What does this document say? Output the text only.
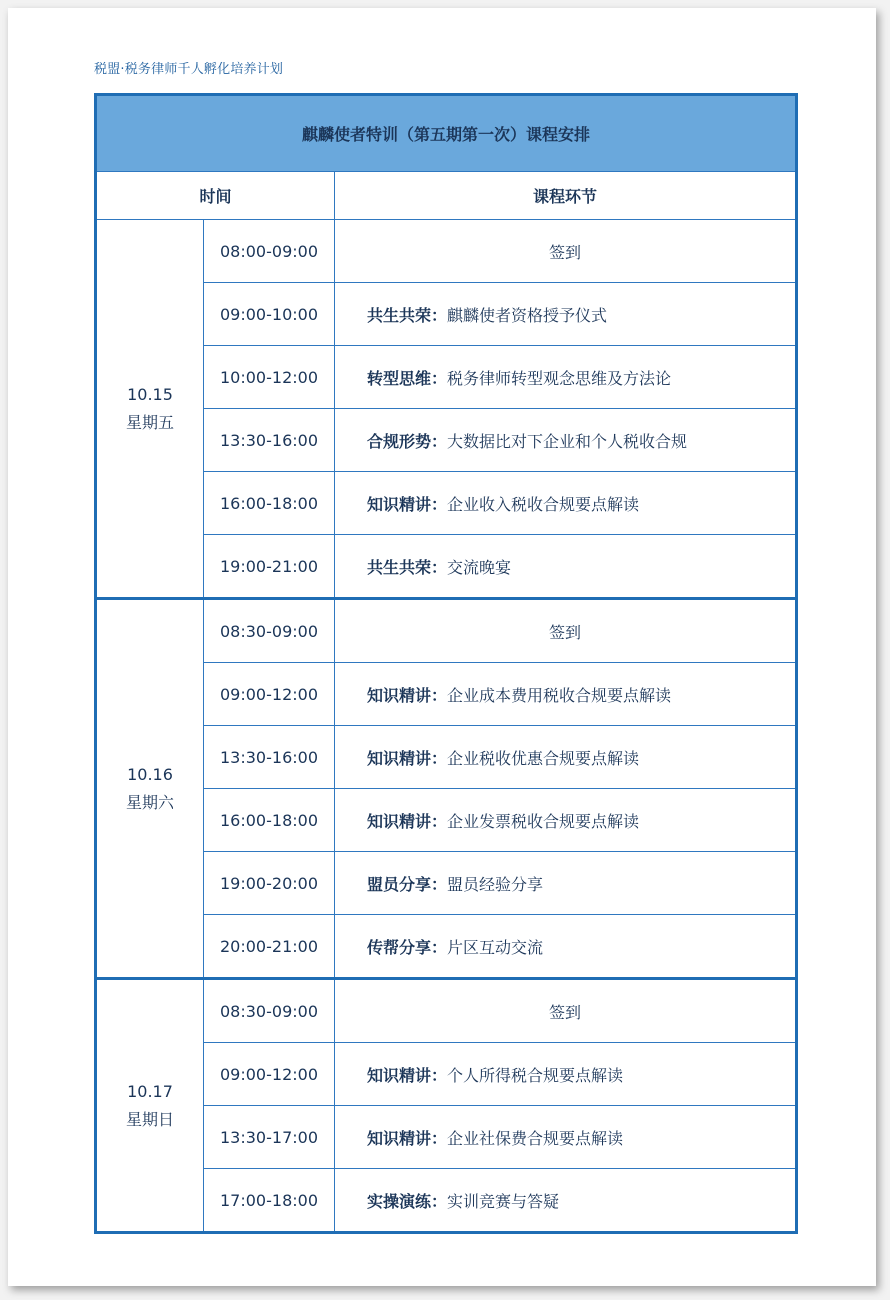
税盟·税务律师千人孵化培养计划
麒麟使者特训（第五期第一次）课程安排		
时间		课程环节

10.15
星期五	08:00-09:00	签到
	09:00-10:00	共生共荣：麒麟使者资格授予仪式
	10:00-12:00	转型思维：税务律师转型观念思维及方法论
	13:30-16:00	合规形势：大数据比对下企业和个人税收合规
	16:00-18:00	知识精讲：企业收入税收合规要点解读
	19:00-21:00	共生共荣：交流晚宴

10.16
星期六	08:30-09:00	签到
	09:00-12:00	知识精讲：企业成本费用税收合规要点解读
	13:30-16:00	知识精讲：企业税收优惠合规要点解读
	16:00-18:00	知识精讲：企业发票税收合规要点解读
	19:00-20:00	盟员分享：盟员经验分享
	20:00-21:00	传帮分享：片区互动交流

10.17
星期日	08:30-09:00	签到
	09:00-12:00	知识精讲：个人所得税合规要点解读
	13:30-17:00	知识精讲：企业社保费合规要点解读
	17:00-18:00	实操演练：实训竞赛与答疑
